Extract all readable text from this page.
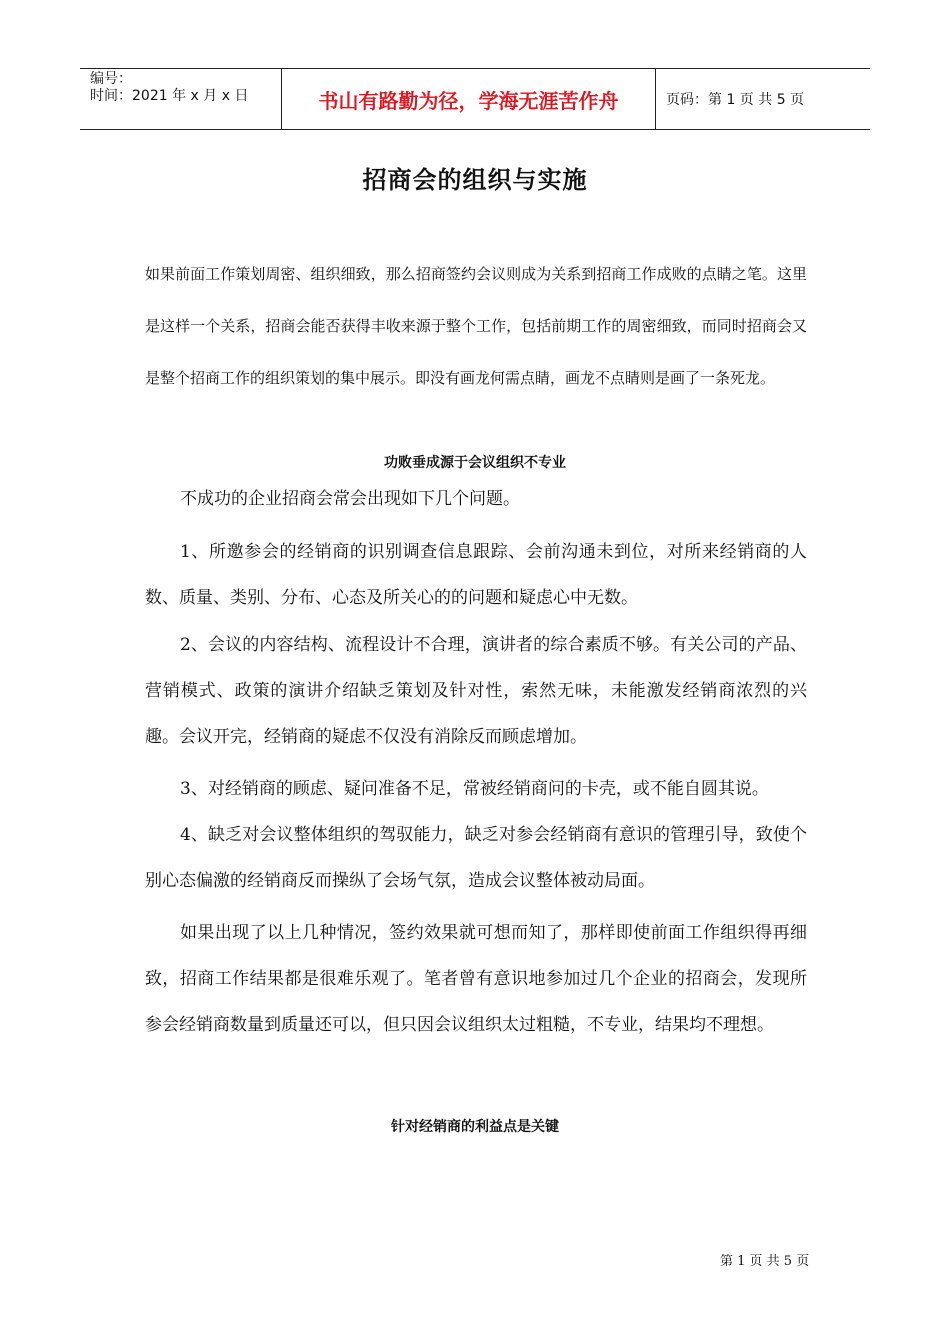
编号：
时间：2021 年 x 月 x 日	书山有路勤为径，学海无涯苦作舟	页码：第 1 页 共 5 页
招商会的组织与实施

如果前面工作策划周密、组织细致，那么招商签约会议则成为关系到招商工作成败的点睛之笔。这里是这样一个关系，招商会能否获得丰收来源于整个工作，包括前期工作的周密细致，而同时招商会又是整个招商工作的组织策划的集中展示。即没有画龙何需点睛，画龙不点睛则是画了一条死龙。

功败垂成源于会议组织不专业

不成功的企业招商会常会出现如下几个问题。

1、所邀参会的经销商的识别调查信息跟踪、会前沟通未到位，对所来经销商的人数、质量、类别、分布、心态及所关心的的问题和疑虑心中无数。

2、会议的内容结构、流程设计不合理，演讲者的综合素质不够。有关公司的产品、营销模式、政策的演讲介绍缺乏策划及针对性，索然无味，未能激发经销商浓烈的兴趣。会议开完，经销商的疑虑不仅没有消除反而顾虑增加。

3、对经销商的顾虑、疑问准备不足，常被经销商问的卡壳，或不能自圆其说。

4、缺乏对会议整体组织的驾驭能力，缺乏对参会经销商有意识的管理引导，致使个别心态偏激的经销商反而操纵了会场气氛，造成会议整体被动局面。

如果出现了以上几种情况，签约效果就可想而知了，那样即使前面工作组织得再细致，招商工作结果都是很难乐观了。笔者曾有意识地参加过几个企业的招商会，发现所参会经销商数量到质量还可以，但只因会议组织太过粗糙，不专业，结果均不理想。

针对经销商的利益点是关键
第 1 页 共 5 页
